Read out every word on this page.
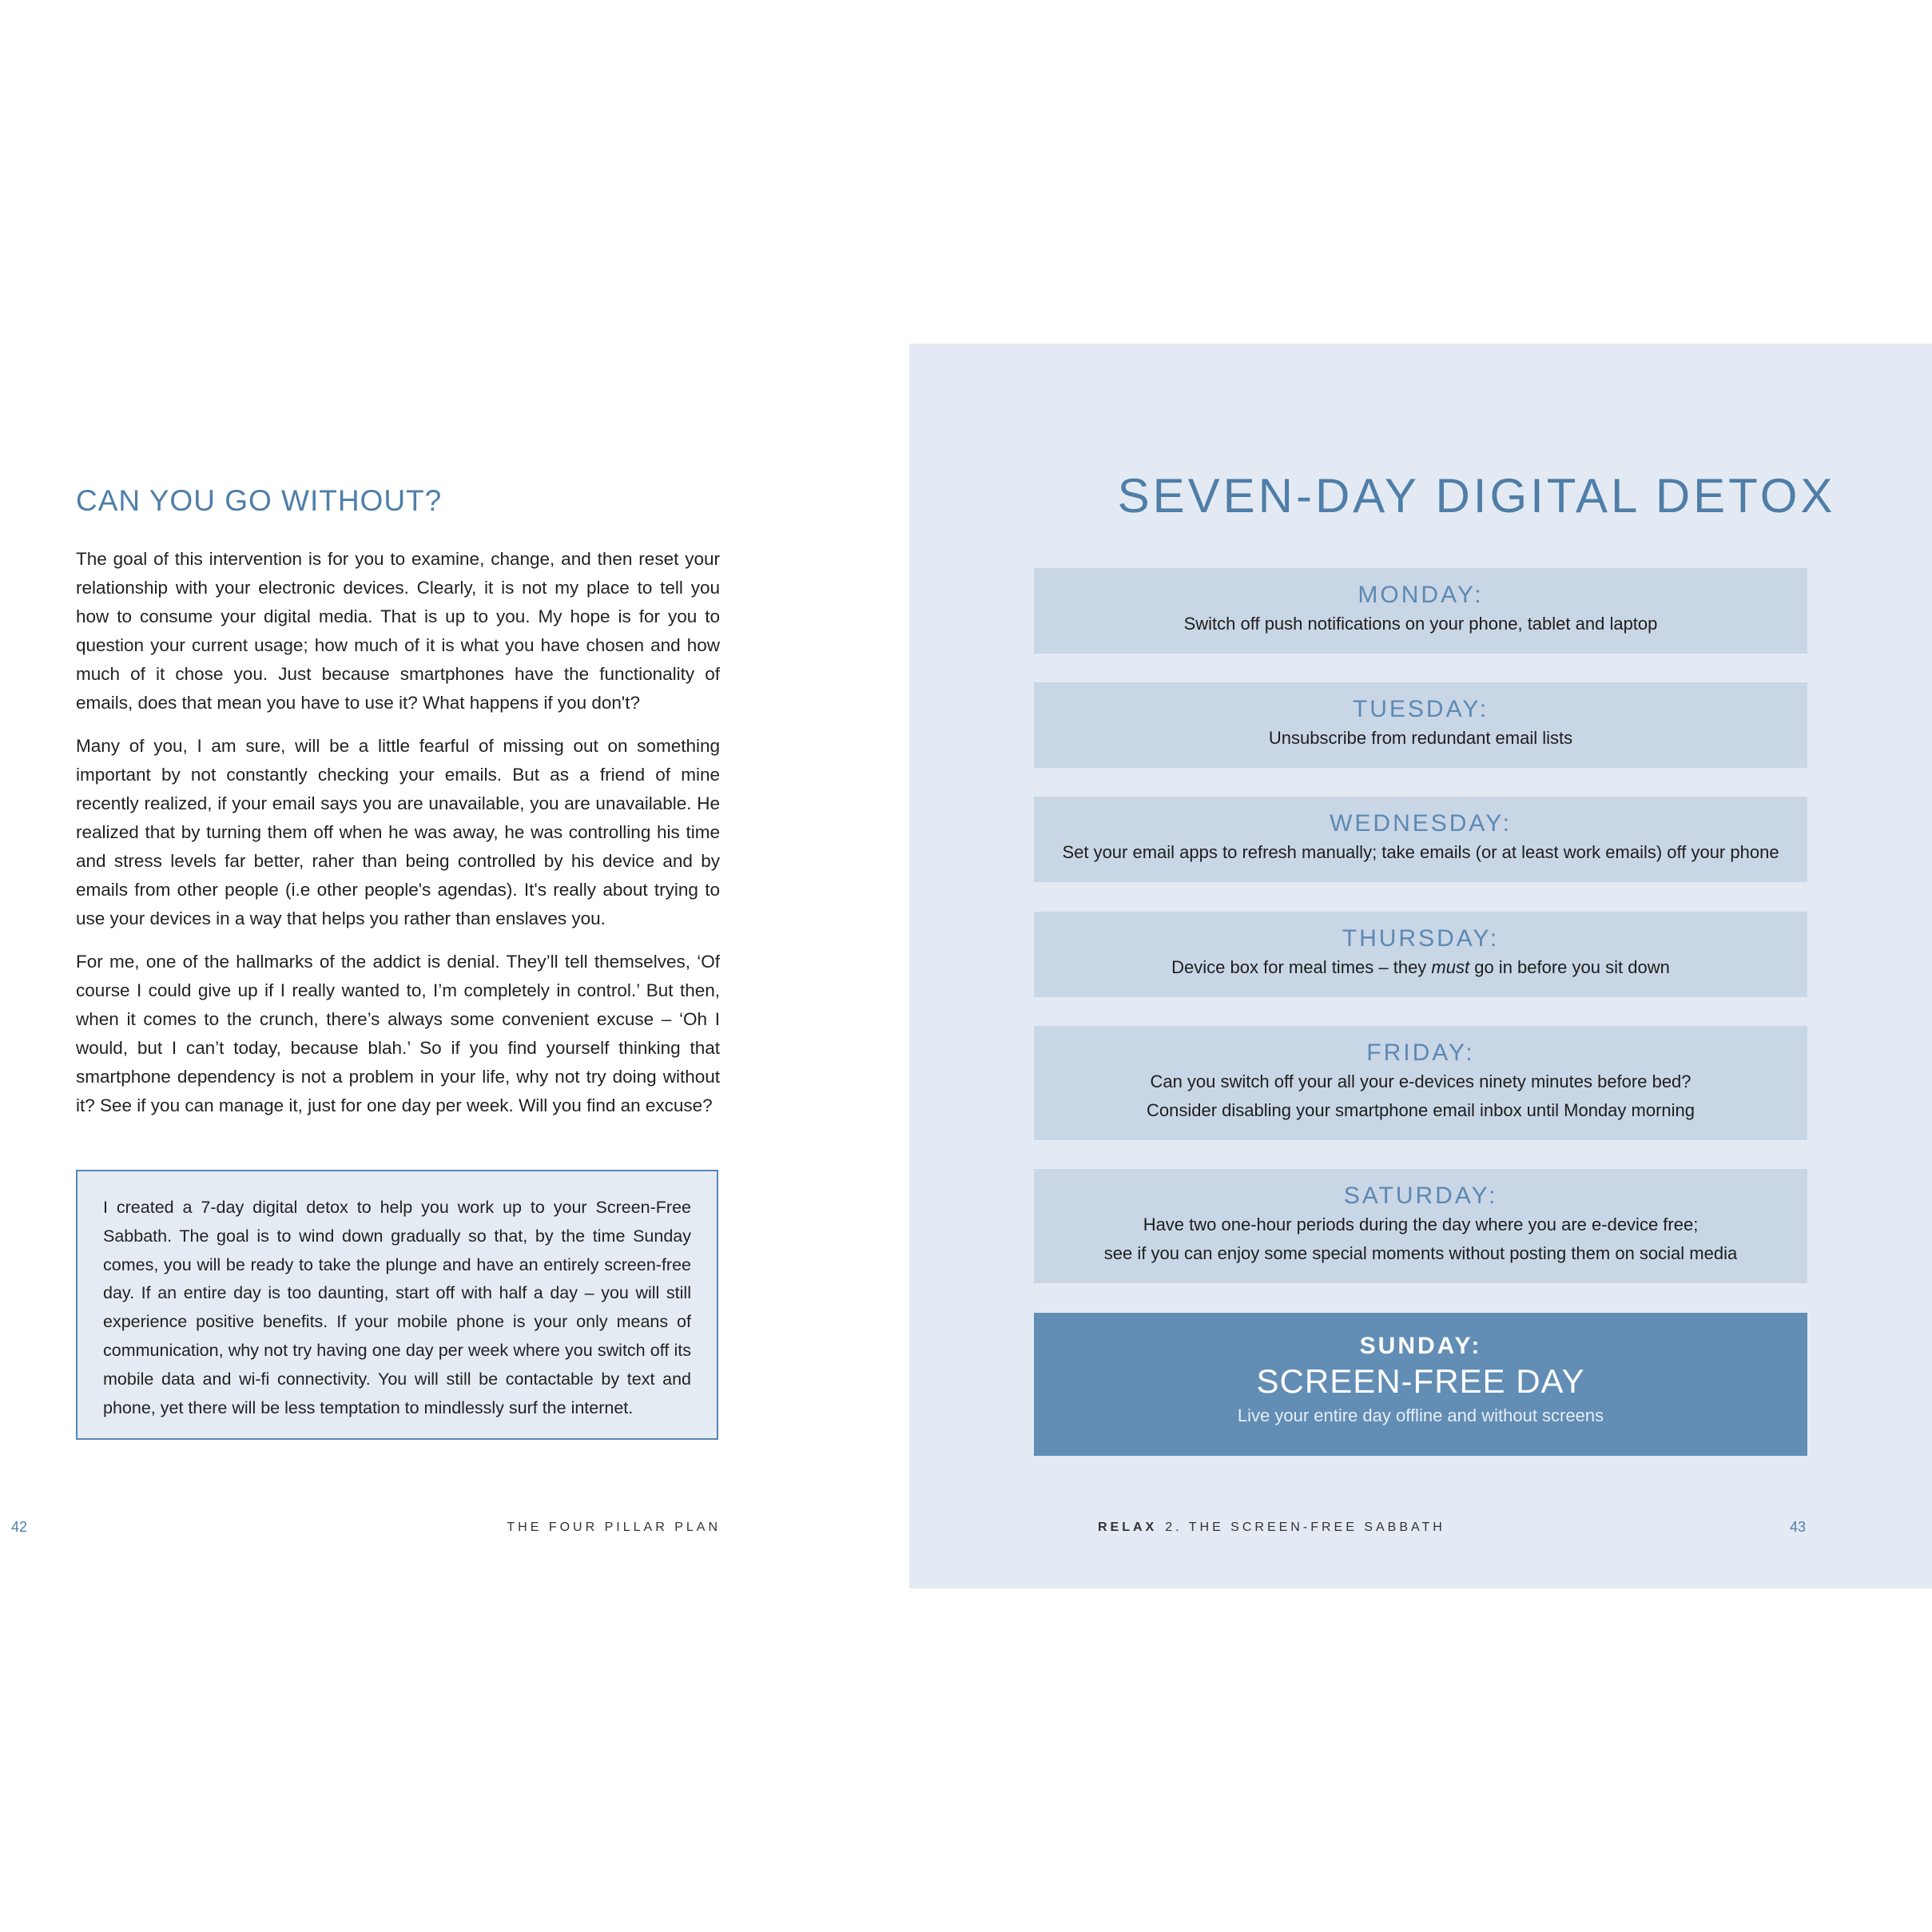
CAN YOU GO WITHOUT?

The goal of this intervention is for you to examine, change, and then reset your relationship with your electronic devices. Clearly, it is not my place to tell you how to consume your digital media. That is up to you. My hope is for you to question your current usage; how much of it is what you have chosen and how much of it chose you. Just because smartphones have the functionality of emails, does that mean you have to use it? What happens if you don't?

Many of you, I am sure, will be a little fearful of missing out on something important by not constantly checking your emails. But as a friend of mine recently realized, if your email says you are unavailable, you are unavailable. He realized that by turning them off when he was away, he was controlling his time and stress levels far better, raher than being controlled by his device and by emails from other people (i.e other people's agendas). It's really about trying to use your devices in a way that helps you rather than enslaves you.

For me, one of the hallmarks of the addict is denial. They’ll tell themselves, ‘Of course I could give up if I really wanted to, I’m completely in control.’ But then, when it comes to the crunch, there’s always some convenient excuse – ‘Oh I would, but I can’t today, because blah.’ So if you find yourself thinking that smartphone dependency is not a problem in your life, why not try doing without it? See if you can manage it, just for one day per week. Will you find an excuse?

I created a 7-day digital detox to help you work up to your Screen-Free Sabbath. The goal is to wind down gradually so that, by the time Sunday comes, you will be ready to take the plunge and have an entirely screen-free day. If an entire day is too daunting, start off with half a day – you will still experience positive benefits. If your mobile phone is your only means of communication, why not try having one day per week where you switch off its mobile data and wi-fi connectivity. You will still be contactable by text and phone, yet there will be less temptation to mindlessly surf the internet.

42	THE FOUR PILLAR PLAN
SEVEN-DAY DIGITAL DETOX
MONDAY:
Switch off push notifications on your phone, tablet and laptop
TUESDAY:
Unsubscribe from redundant email lists
WEDNESDAY:
Set your email apps to refresh manually; take emails (or at least work emails) off your phone
THURSDAY:
Device box for meal times – they must go in before you sit down
FRIDAY:
Can you switch off your all your e-devices ninety minutes before bed?
Consider disabling your smartphone email inbox until Monday morning
SATURDAY:
Have two one-hour periods during the day where you are e-device free;
see if you can enjoy some special moments without posting them on social media
SUNDAY:
SCREEN-FREE DAY
Live your entire day offline and without screens
RELAX 2. THE SCREEN-FREE SABBATH	43
